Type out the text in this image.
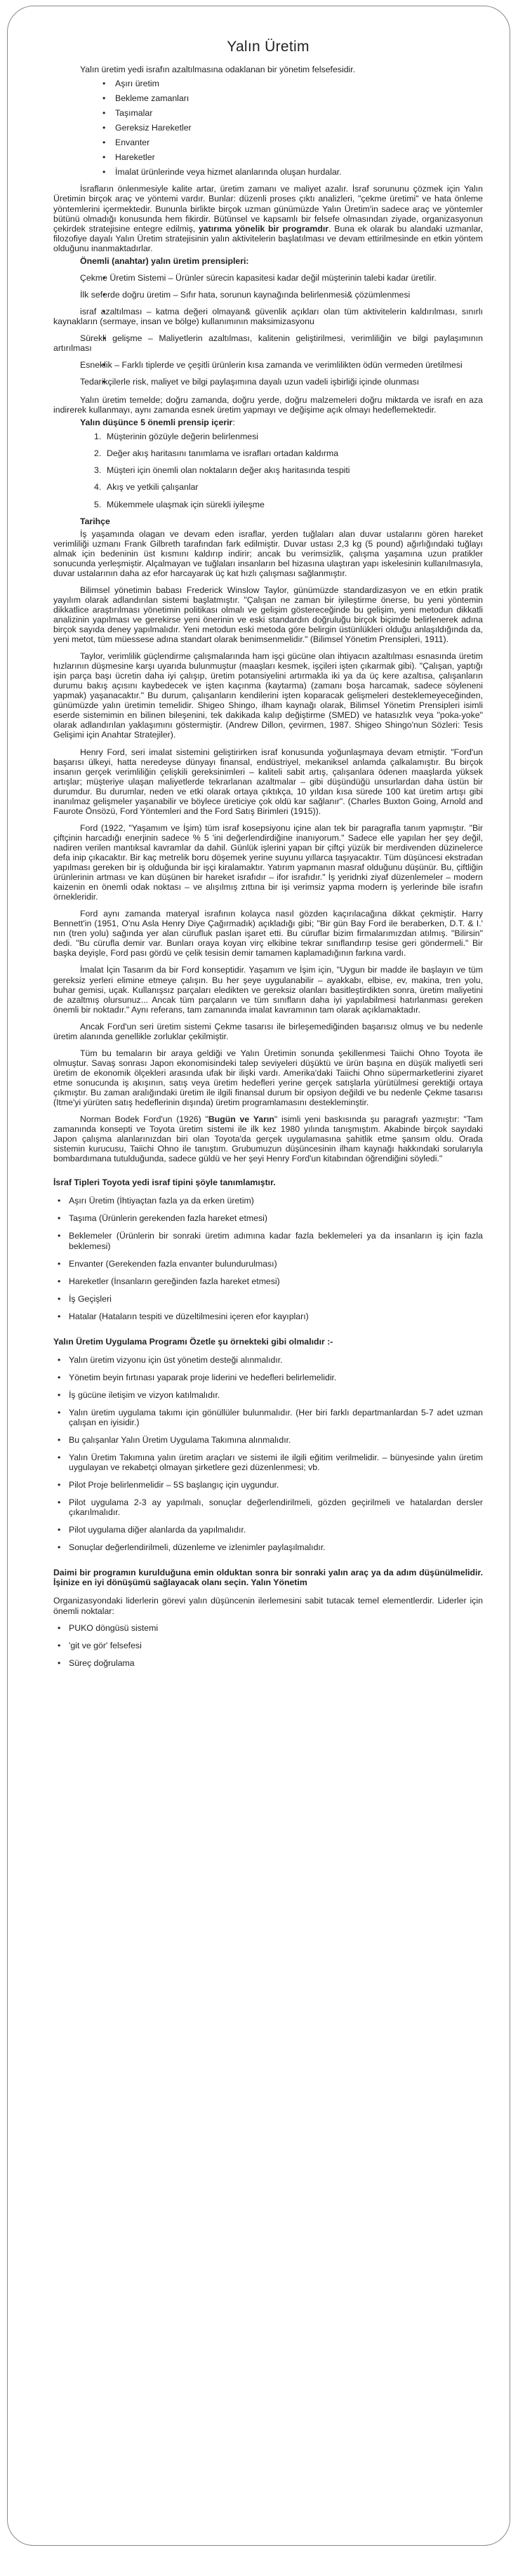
Yalın Üretim

Yalın üretim yedi israfın azaltılmasına odaklanan bir yönetim felsefesidir.

• Aşırı üretim
• Bekleme zamanları
• Taşımalar
• Gereksiz Hareketler
• Envanter
• Hareketler
• İmalat ürünlerinde veya hizmet alanlarında oluşan hurdalar.

İsrafların önlenmesiyle kalite artar, üretim zamanı ve maliyet azalır. İsraf sorununu çözmek için Yalın Üretimin birçok araç ve yöntemi vardır. Bunlar: düzenli proses çıktı analizleri, "çekme üretimi" ve hata önleme yöntemlerini içermektedir. Bununla birlikte birçok uzman günümüzde Yalın Üretim'in sadece araç ve yöntemler bütünü olmadığı konusunda hem fikirdir. Bütünsel ve kapsamlı bir felsefe olmasından ziyade, organizasyonun çekirdek stratejisine entegre edilmiş, yatırıma yönelik bir programdır. Buna ek olarak bu alandaki uzmanlar, filozofiye dayalı Yalın Üretim stratejisinin yalın aktivitelerin başlatılması ve devam ettirilmesinde en etkin yöntem olduğunu inanmaktadırlar.

Önemli (anahtar) yalın üretim prensipleri:

• Çekme Üretim Sistemi – Ürünler sürecin kapasitesi kadar değil müşterinin talebi kadar üretilir.
• İlk seferde doğru üretim – Sıfır hata, sorunun kaynağında belirlenmesi& çözümlenmesi
• israf azaltılması – katma değeri olmayan& güvenlik açıkları olan tüm aktivitelerin kaldırılması, sınırlı kaynakların (sermaye, insan ve bölge) kullanımının maksimizasyonu
• Sürekli gelişme – Maliyetlerin azaltılması, kalitenin geliştirilmesi, verimliliğin ve bilgi paylaşımının artırılması
• Esneklik – Farklı tiplerde ve çeşitli ürünlerin kısa zamanda ve verimlilikten ödün vermeden üretilmesi
• Tedarikçilerle risk, maliyet ve bilgi paylaşımına dayalı uzun vadeli işbirliği içinde olunması

Yalın üretim temelde; doğru zamanda, doğru yerde, doğru malzemeleri doğru miktarda ve israfı en aza indirerek kullanmayı, aynı zamanda esnek üretim yapmayı ve değişime açık olmayı hedeflemektedir.

Yalın düşünce 5 önemli prensip içerir:

1. Müşterinin gözüyle değerin belirlenmesi
2. Değer akış haritasını tanımlama ve israfları ortadan kaldırma
3. Müşteri için önemli olan noktaların değer akış haritasında tespiti
4. Akış ve yetkili çalışanlar
5. Mükemmele ulaşmak için sürekli iyileşme

Tarihçe

İş yaşamında olagan ve devam eden israflar, yerden tuğlaları alan duvar ustalarını gören hareket verimliliği uzmanı Frank Gilbreth tarafından fark edilmiştir. Duvar ustası 2,3 kg (5 pound) ağırlığındaki tuğlayı almak için bedeninin üst kısmını kaldırıp indirir; ancak bu verimsizlik, çalışma yaşamına uzun pratikler sonucunda yerleşmiştir. Alçalmayan ve tuğlaları insanların bel hizasına ulaştıran yapı iskelesinin kullanılmasıyla, duvar ustalarının daha az efor harcayarak üç kat hızlı çalışması sağlanmıştır.

Bilimsel yönetimin babası Frederick Winslow Taylor, günümüzde standardizasyon ve en etkin pratik yayılım olarak adlandırılan sistemi başlatmıştır. "Çalışan ne zaman bir iyileştirme önerse, bu yeni yöntemin dikkatlice araştırılması yönetimin politikası olmalı ve gelişim göstereceğinde bu gelişim, yeni metodun dikkatli analizinin yapılması ve gerekirse yeni önerinin ve eski standardın doğruluğu birçok biçimde belirlenerek adına birçok sayıda deney yapılmalıdır. Yeni metodun eski metoda göre belirgin üstünlükleri olduğu anlaşıldığında da, yeni metot, tüm müessese adına standart olarak benimsenmelidir." (Bilimsel Yönetim Prensipleri, 1911).

Taylor, verimlilik güçlendirme çalışmalarında ham işçi gücüne olan ihtiyacın azaltılması esnasında üretim hızlarının düşmesine karşı uyarıda bulunmuştur (maaşları kesmek, işçileri işten çıkarmak gibi). "Çalışan, yaptığı işin parça başı ücretin daha iyi çalışıp, üretim potansiyelini artırmakla iki ya da üç kere azaltısa, çalışanların durumu bakış açısını kaybedecek ve işten kaçınma (kaytarma) (zamanı boşa harcamak, sadece söyleneni yapmak) yaşanacaktır." Bu durum, çalışanların kendilerini işten koparacak gelişmeleri desteklemeyeceğinden, günümüzde yalın üretimin temelidir. Shigeo Shingo, ilham kaynağı olarak, Bilimsel Yönetim Prensipleri isimli eserde sistemimin en bilinen bileşenini, tek dakikada kalıp değiştirme (SMED) ve hatasızlık veya "poka-yoke" olarak adlandırılan yaklaşımını göstermiştir. (Andrew Dillon, çevirmen, 1987. Shigeo Shingo'nun Sözleri: Tesis Gelişimi için Anahtar Stratejiler).

Henry Ford, seri imalat sistemini geliştirirken israf konusunda yoğunlaşmaya devam etmiştir. "Ford'un başarısı ülkeyi, hatta neredeyse dünyayı finansal, endüstriyel, mekaniksel anlamda çalkalamıştır. Bu birçok insanın gerçek verimliliğin çelişkili gereksinimleri – kaliteli sabit artış, çalışanlara ödenen maaşlarda yüksek artışlar; müşteriye ulaşan maliyetlerde tekrarlanan azaltmalar – gibi düşündüğü unsurlardan daha üstün bir durumdur. Bu durumlar, neden ve etki olarak ortaya çıktıkça, 10 yıldan kısa sürede 100 kat üretim artışı gibi inanılmaz gelişmeler yaşanabilir ve böylece üreticiye çok oldü kar sağlanır". (Charles Buxton Going, Arnold and Faurote Önsözü, Ford Yöntemleri and the Ford Satış Birimleri (1915)).

Ford (1922, "Yaşamım ve İşim) tüm israf kosepsiyonu içine alan tek bir paragrafla tanım yapmıştır. "Bir çiftçinin harcadığı enerjinin sadece % 5 'ini değerlendirdiğine inanıyorum." Sadece elle yapılan her şey değil, nadiren verilen mantıksal kavramlar da dahil. Günlük işlerini yapan bir çiftçi yüzük bir merdivenden düzinelerce defa inip çıkacaktır. Bir kaç metrelik boru döşemek yerine suyunu yıllarca taşıyacaktır. Tüm düşüncesi ekstradan yapılması gereken bir iş olduğunda bir işçi kiralamaktır. Yatırım yapmanın masraf olduğunu düşünür. Bu, çiftliğin ürünlerinin artması ve kan düşünen bir hareket israfıdır – ifor israfıdır." İş yeridnki ziyaf düzenlemeler – modern kaizenin en önemli odak noktası – ve alışılmış zıttına bir işi verimsiz yapma modern iş yerlerinde bile israfın örnekleridir.

Ford aynı zamanda materyal israfının kolayca nasıl gözden kaçırılacağına dikkat çekmiştir. Harry Bennett'in (1951, O'nu Asla Henry Diye Çağırmadık) açıkladığı gibi; "Bir gün Bay Ford ile beraberken, D.T. & I.' nın (tren yolu) sağında yer alan cürufluk paslan işaret etti. Bu cüruflar bizim firmalarımızdan atılmış. "Bilirsin" dedi. "Bu cürufla demir var. Bunları oraya koyan virç elkibine tekrar sınıflandırıp tesise geri göndermeli." Bir başka deyişle, Ford pası gördü ve çelik tesisin demir tamamen kaplamadığının farkına vardı.

İmalat İçin Tasarım da bir Ford konseptidir. Yaşamım ve İşim için, "Uygun bir madde ile başlayın ve tüm gereksiz yerleri elimine etmeye çalışın. Bu her şeye uygulanabilir – ayakkabı, elbise, ev, makina, tren yolu, buhar gemisi, uçak. Kullanışsız parçaları eledikten ve gereksiz olanları basitleştirdikten sonra, üretim maliyetini de azaltmış olursunuz... Ancak tüm parçaların ve tüm sınıfların daha iyi yapılabilmesi hatırlanması gereken önemli bir noktadır." Aynı referans, tam zamanında imalat kavramının tam olarak açıklamaktadır.

Ancak Ford'un seri üretim sistemi Çekme tasarısı ile birleşemediğinden başarısız olmuş ve bu nedenle üretim alanında genellikle zorluklar çekilmiştir.

Tüm bu temaların bir araya geldiği ve Yalın Üretimin sonunda şekillenmesi Taiichi Ohno Toyota ile olmuştur. Savaş sonrası Japon ekonomisindeki talep seviyeleri düşüktü ve ürün başına en düşük maliyetli seri üretim de ekonomik ölçekleri arasında ufak bir ilişki vardı. Amerika'daki Taiichi Ohno süpermarketlerini ziyaret etme sonucunda iş akışının, satış veya üretim hedefleri yerine gerçek satışlarla yürütülmesi gerektiği ortaya çıkmıştır. Bu zaman aralığındaki üretim ile ilgili finansal durum bir opsiyon değildi ve bu nedenle Çekme tasarısı (Itme'yi yürüten satış hedeflerinin dışında) üretim programlamasını destekleminştir.

Norman Bodek Ford'un (1926) "Bugün ve Yarın" isimli yeni baskısında şu paragrafı yazmıştır: "Tam zamanında konsepti ve Toyota üretim sistemi ile ilk kez 1980 yılında tanışmıştım. Akabinde birçok sayıdaki Japon çalışma alanlarınızdan biri olan Toyota'da gerçek uygulamasına şahitlik etme şansım oldu. Orada sistemin kurucusu, Taiichi Ohno ile tanıştım. Grubumuzun düşüncesinin ilham kaynağı hakkındaki sorularıyla bombardımana tutulduğunda, sadece güldü ve her şeyi Henry Ford'un kitabından öğrendiğini söyledi."

İsraf Tipleri Toyota yedi israf tipini şöyle tanımlamıştır.

• Aşırı Üretim (İhtiyaçtan fazla ya da erken üretim)
• Taşıma (Ürünlerin gerekenden fazla hareket etmesi)
• Beklemeler (Ürünlerin bir sonraki üretim adımına kadar fazla beklemeleri ya da insanların iş için fazla beklemesi)
• Envanter (Gerekenden fazla envanter bulundurulması)
• Hareketler (İnsanların gereğinden fazla hareket etmesi)
• İş Geçişleri
• Hatalar (Hataların tespiti ve düzeltilmesini içeren efor kayıpları)

Yalın Üretim Uygulama Programı Özetle şu örnekteki gibi olmalıdır :-

• Yalın üretim vizyonu için üst yönetim desteği alınmalıdır.
• Yönetim beyin fırtınası yaparak proje liderini ve hedefleri belirlemelidir.
• İş gücüne iletişim ve vizyon katılmalıdır.
• Yalın üretim uygulama takımı için gönüllüler bulunmalıdır. (Her biri farklı departmanlardan 5-7 adet uzman çalışan en iyisidir.)
• Bu çalışanlar Yalın Üretim Uygulama Takımına alınmalıdır.
• Yalın Üretim Takımına yalın üretim araçları ve sistemi ile ilgili eğitim verilmelidir. – bünyesinde yalın üretim uygulayan ve rekabetçi olmayan şirketlere gezi düzenlenmesi; vb.
• Pilot Proje belirlenmelidir – 5S başlangıç için uygundur.
• Pilot uygulama 2-3 ay yapılmalı, sonuçlar değerlendirilmeli, gözden geçirilmeli ve hatalardan dersler çıkarılmalıdır.
• Pilot uygulama diğer alanlarda da yapılmalıdır.
• Sonuçlar değerlendirilmeli, düzenleme ve izlenimler paylaşılmalıdır.

Daimi bir programın kurulduğuna emin olduktan sonra bir sonraki yalın araç ya da adım düşünülmelidir. İşinize en iyi dönüşümü sağlayacak olanı seçin. Yalın Yönetim

Organizasyondaki liderlerin görevi yalın düşüncenin ilerlemesini sabit tutacak temel elementlerdir. Liderler için önemli noktalar:

• PUKO döngüsü sistemi
• 'git ve gör' felsefesi
• Süreç doğrulama
